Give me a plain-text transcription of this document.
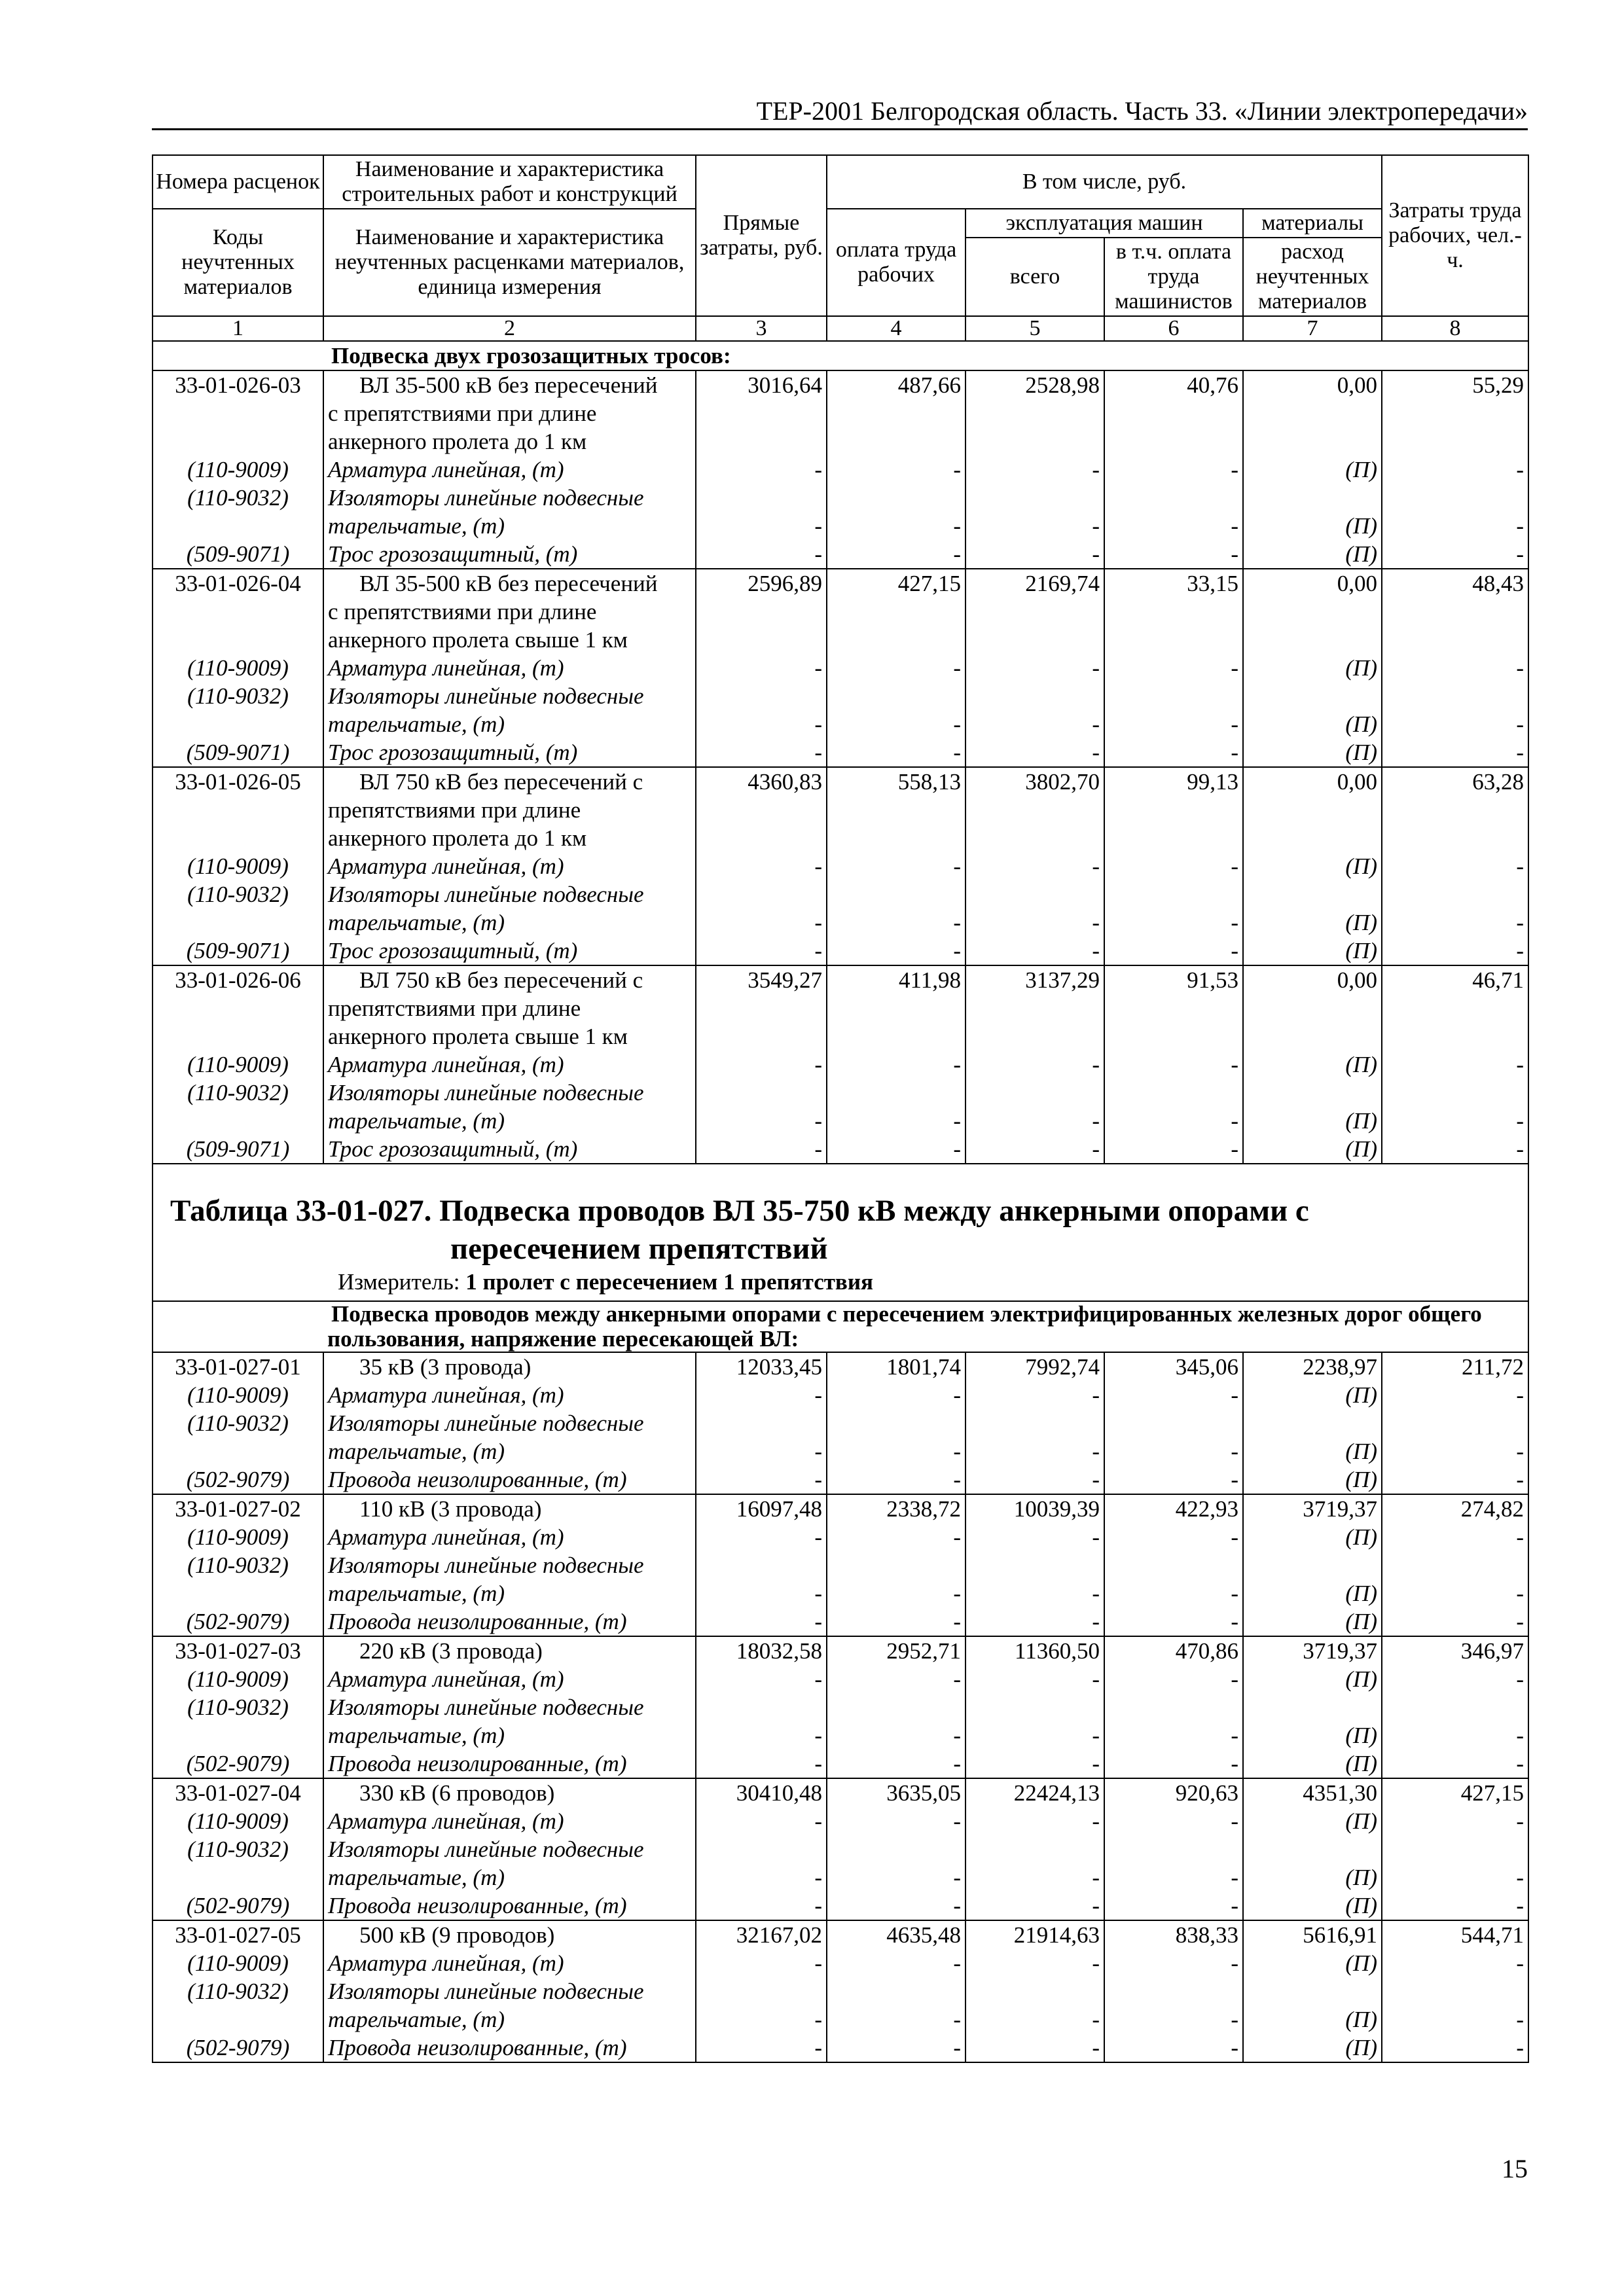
ТЕР-2001 Белгородская область. Часть 33. «Линии электропередачи»
Номера расценок	Наименование и характеристика строительных работ и конструкций	Прямые затраты, руб.	В том числе, руб.				Затраты труда рабочих, чел.-ч.
Коды неучтенных материалов	Наименование и характеристика неучтенных расценками материалов, единица измерения		оплата труда рабочих	эксплуатация машин		материалы	
				всего	в т.ч. оплата труда машинистов	расход неучтенных материалов	
1	2	3	4	5	6	7	8
	Подвеска двух грозозащитных тросов:						
33-01-026-03	ВЛ 35-500 кВ без пересечений	3016,64	487,66	2528,98	40,76	0,00	55,29
	с препятствиями при длине						
	анкерного пролета до 1 км						
(110-9009)	Арматура линейная, (т)	-	-	-	-	(П)	-
(110-9032)	Изоляторы линейные подвесные						
	тарельчатые, (т)	-	-	-	-	(П)	-
(509-9071)	Трос грозозащитный, (т)	-	-	-	-	(П)	-
33-01-026-04	ВЛ 35-500 кВ без пересечений	2596,89	427,15	2169,74	33,15	0,00	48,43
	с препятствиями при длине						
	анкерного пролета свыше 1 км						
(110-9009)	Арматура линейная, (т)	-	-	-	-	(П)	-
(110-9032)	Изоляторы линейные подвесные						
	тарельчатые, (т)	-	-	-	-	(П)	-
(509-9071)	Трос грозозащитный, (т)	-	-	-	-	(П)	-
33-01-026-05	ВЛ 750 кВ без пересечений с	4360,83	558,13	3802,70	99,13	0,00	63,28
	препятствиями при длине						
	анкерного пролета до 1 км						
(110-9009)	Арматура линейная, (т)	-	-	-	-	(П)	-
(110-9032)	Изоляторы линейные подвесные						
	тарельчатые, (т)	-	-	-	-	(П)	-
(509-9071)	Трос грозозащитный, (т)	-	-	-	-	(П)	-
33-01-026-06	ВЛ 750 кВ без пересечений с	3549,27	411,98	3137,29	91,53	0,00	46,71
	препятствиями при длине						
	анкерного пролета свыше 1 км						
(110-9009)	Арматура линейная, (т)	-	-	-	-	(П)	-
(110-9032)	Изоляторы линейные подвесные						
	тарельчатые, (т)	-	-	-	-	(П)	-
(509-9071)	Трос грозозащитный, (т)	-	-	-	-	(П)	-

Таблица 33-01-027. Подвеска проводов ВЛ 35-750 кВ между анкерными опорами с
пересечением препятствий
Измеритель: 1 пролет с пересечением 1 препятствия							

	Подвеска проводов между анкерными опорами с пересечением электрифицированных железных дорог общего пользования, напряжение пересекающей ВЛ:						
33-01-027-01	35 кВ (3 провода)	12033,45	1801,74	7992,74	345,06	2238,97	211,72
(110-9009)	Арматура линейная, (т)	-	-	-	-	(П)	-
(110-9032)	Изоляторы линейные подвесные						
	тарельчатые, (т)	-	-	-	-	(П)	-
(502-9079)	Провода неизолированные, (т)	-	-	-	-	(П)	-
33-01-027-02	110 кВ (3 провода)	16097,48	2338,72	10039,39	422,93	3719,37	274,82
(110-9009)	Арматура линейная, (т)	-	-	-	-	(П)	-
(110-9032)	Изоляторы линейные подвесные						
	тарельчатые, (т)	-	-	-	-	(П)	-
(502-9079)	Провода неизолированные, (т)	-	-	-	-	(П)	-
33-01-027-03	220 кВ (3 провода)	18032,58	2952,71	11360,50	470,86	3719,37	346,97
(110-9009)	Арматура линейная, (т)	-	-	-	-	(П)	-
(110-9032)	Изоляторы линейные подвесные						
	тарельчатые, (т)	-	-	-	-	(П)	-
(502-9079)	Провода неизолированные, (т)	-	-	-	-	(П)	-
33-01-027-04	330 кВ (6 проводов)	30410,48	3635,05	22424,13	920,63	4351,30	427,15
(110-9009)	Арматура линейная, (т)	-	-	-	-	(П)	-
(110-9032)	Изоляторы линейные подвесные						
	тарельчатые, (т)	-	-	-	-	(П)	-
(502-9079)	Провода неизолированные, (т)	-	-	-	-	(П)	-
33-01-027-05	500 кВ (9 проводов)	32167,02	4635,48	21914,63	838,33	5616,91	544,71
(110-9009)	Арматура линейная, (т)	-	-	-	-	(П)	-
(110-9032)	Изоляторы линейные подвесные						
	тарельчатые, (т)	-	-	-	-	(П)	-
(502-9079)	Провода неизолированные, (т)	-	-	-	-	(П)	-
15
